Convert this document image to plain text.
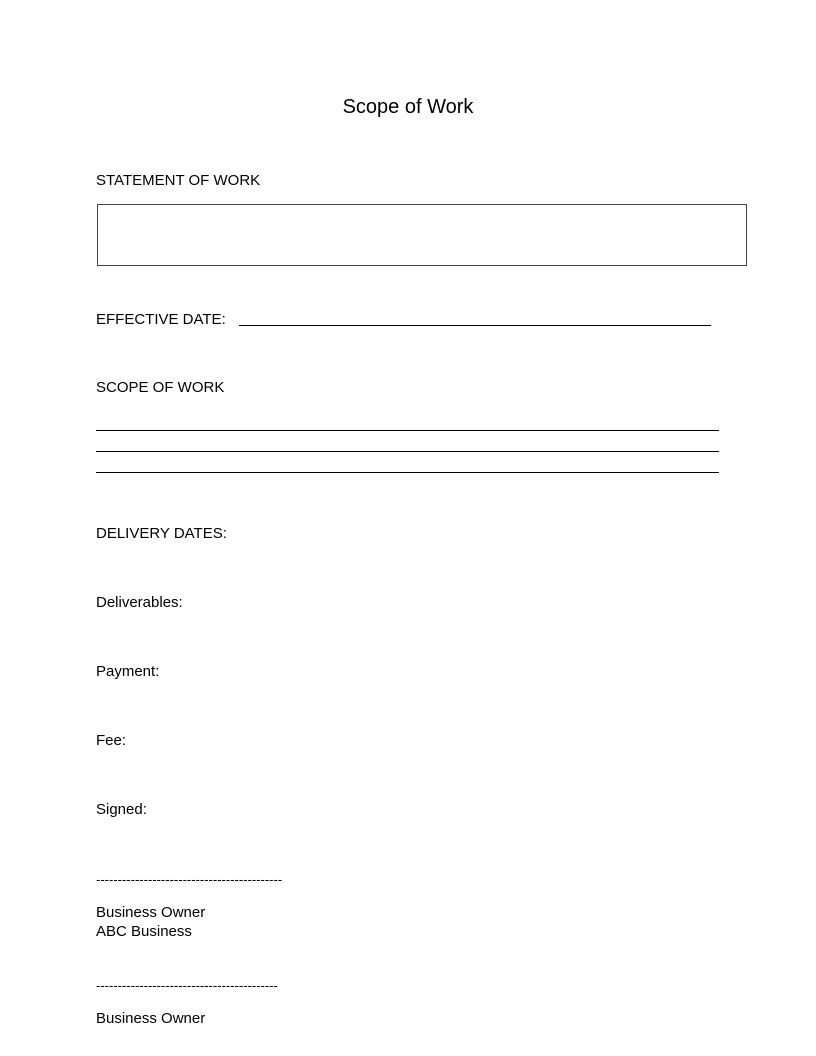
Scope of Work
STATEMENT OF WORK
EFFECTIVE DATE:
SCOPE OF WORK
DELIVERY DATES:
Deliverables:
Payment:
Fee:
Signed:
-------------------------------------------
Business Owner
ABC Business
------------------------------------------
Business Owner
